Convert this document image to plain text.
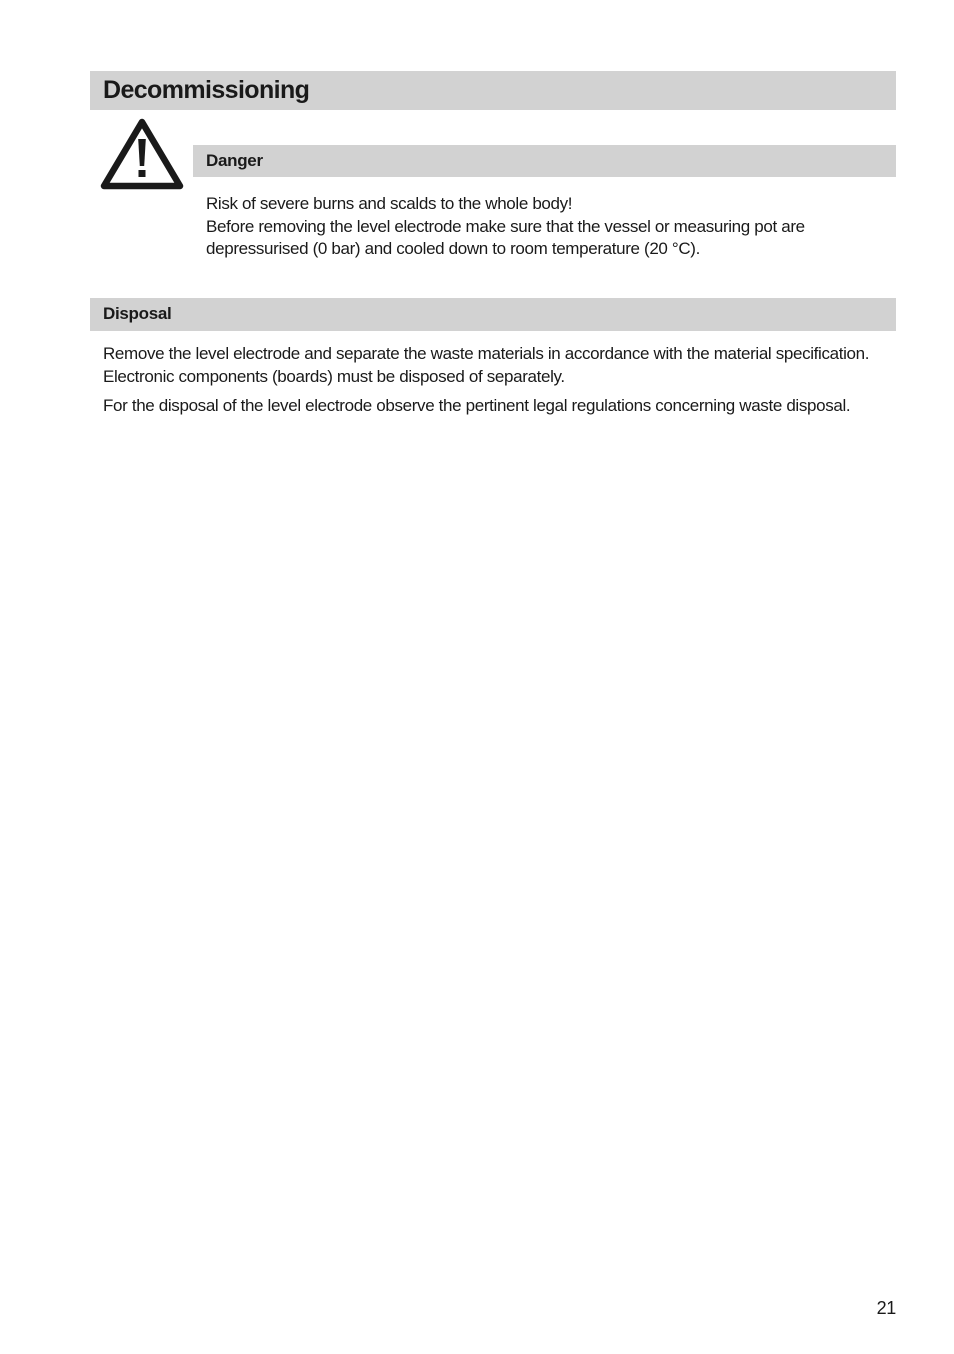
Decommissioning
Danger

Risk of severe burns and scalds to the whole body!
Before removing the level electrode make sure that the vessel or measuring pot are
depressurised (0 bar) and cooled down to room temperature (20 °C).

Disposal

Remove the level electrode and separate the waste materials in accordance with the material specification. Electronic components (boards) must be disposed of separately.

For the disposal of the level electrode observe the pertinent legal regulations concerning waste disposal.

21
